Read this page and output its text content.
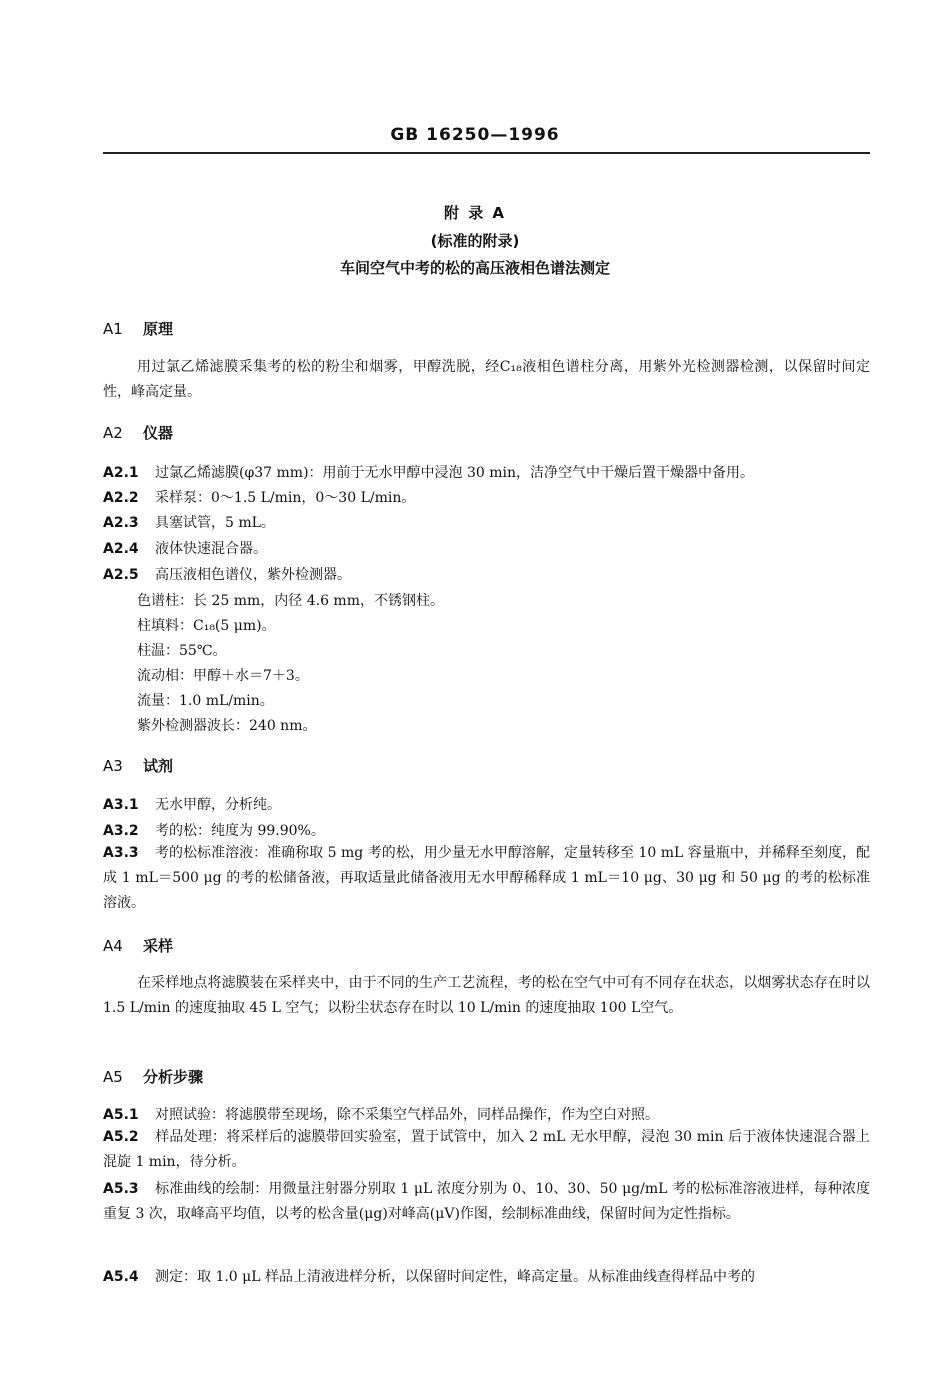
GB 16250—1996
附 录 A
(标准的附录)
车间空气中考的松的高压液相色谱法测定
A1 原理
用过氯乙烯滤膜采集考的松的粉尘和烟雾，甲醇洗脱，经C₁₈液相色谱柱分离，用紫外光检测器检测，以保留时间定性，峰高定量。
A2 仪器
A2.1 过氯乙烯滤膜(φ37 mm)：用前于无水甲醇中浸泡 30 min，洁净空气中干燥后置干燥器中备用。
A2.2 采样泵：0～1.5 L/min，0～30 L/min。
A2.3 具塞试管，5 mL。
A2.4 液体快速混合器。
A2.5 高压液相色谱仪，紫外检测器。
色谱柱：长 25 mm，内径 4.6 mm，不锈钢柱。
柱填料：C₁₈(5 μm)。
柱温：55℃。
流动相：甲醇＋水＝7＋3。
流量：1.0 mL/min。
紫外检测器波长：240 nm。
A3 试剂
A3.1 无水甲醇，分析纯。
A3.2 考的松：纯度为 99.90%。
A3.3 考的松标准溶液：准确称取 5 mg 考的松，用少量无水甲醇溶解，定量转移至 10 mL 容量瓶中，并稀释至刻度，配成 1 mL＝500 μg 的考的松储备液，再取适量此储备液用无水甲醇稀释成 1 mL＝10 μg、30 μg 和 50 μg 的考的松标准溶液。
A4 采样
在采样地点将滤膜装在采样夹中，由于不同的生产工艺流程，考的松在空气中可有不同存在状态，以烟雾状态存在时以 1.5 L/min 的速度抽取 45 L 空气；以粉尘状态存在时以 10 L/min 的速度抽取 100 L空气。
A5 分析步骤
A5.1 对照试验：将滤膜带至现场，除不采集空气样品外，同样品操作，作为空白对照。
A5.2 样品处理：将采样后的滤膜带回实验室，置于试管中，加入 2 mL 无水甲醇，浸泡 30 min 后于液体快速混合器上混旋 1 min，待分析。
A5.3 标准曲线的绘制：用微量注射器分别取 1 μL 浓度分别为 0、10、30、50 μg/mL 考的松标准溶液进样，每种浓度重复 3 次，取峰高平均值，以考的松含量(μg)对峰高(μV)作图，绘制标准曲线，保留时间为定性指标。
A5.4 测定：取 1.0 μL 样品上清液进样分析，以保留时间定性，峰高定量。从标准曲线查得样品中考的
